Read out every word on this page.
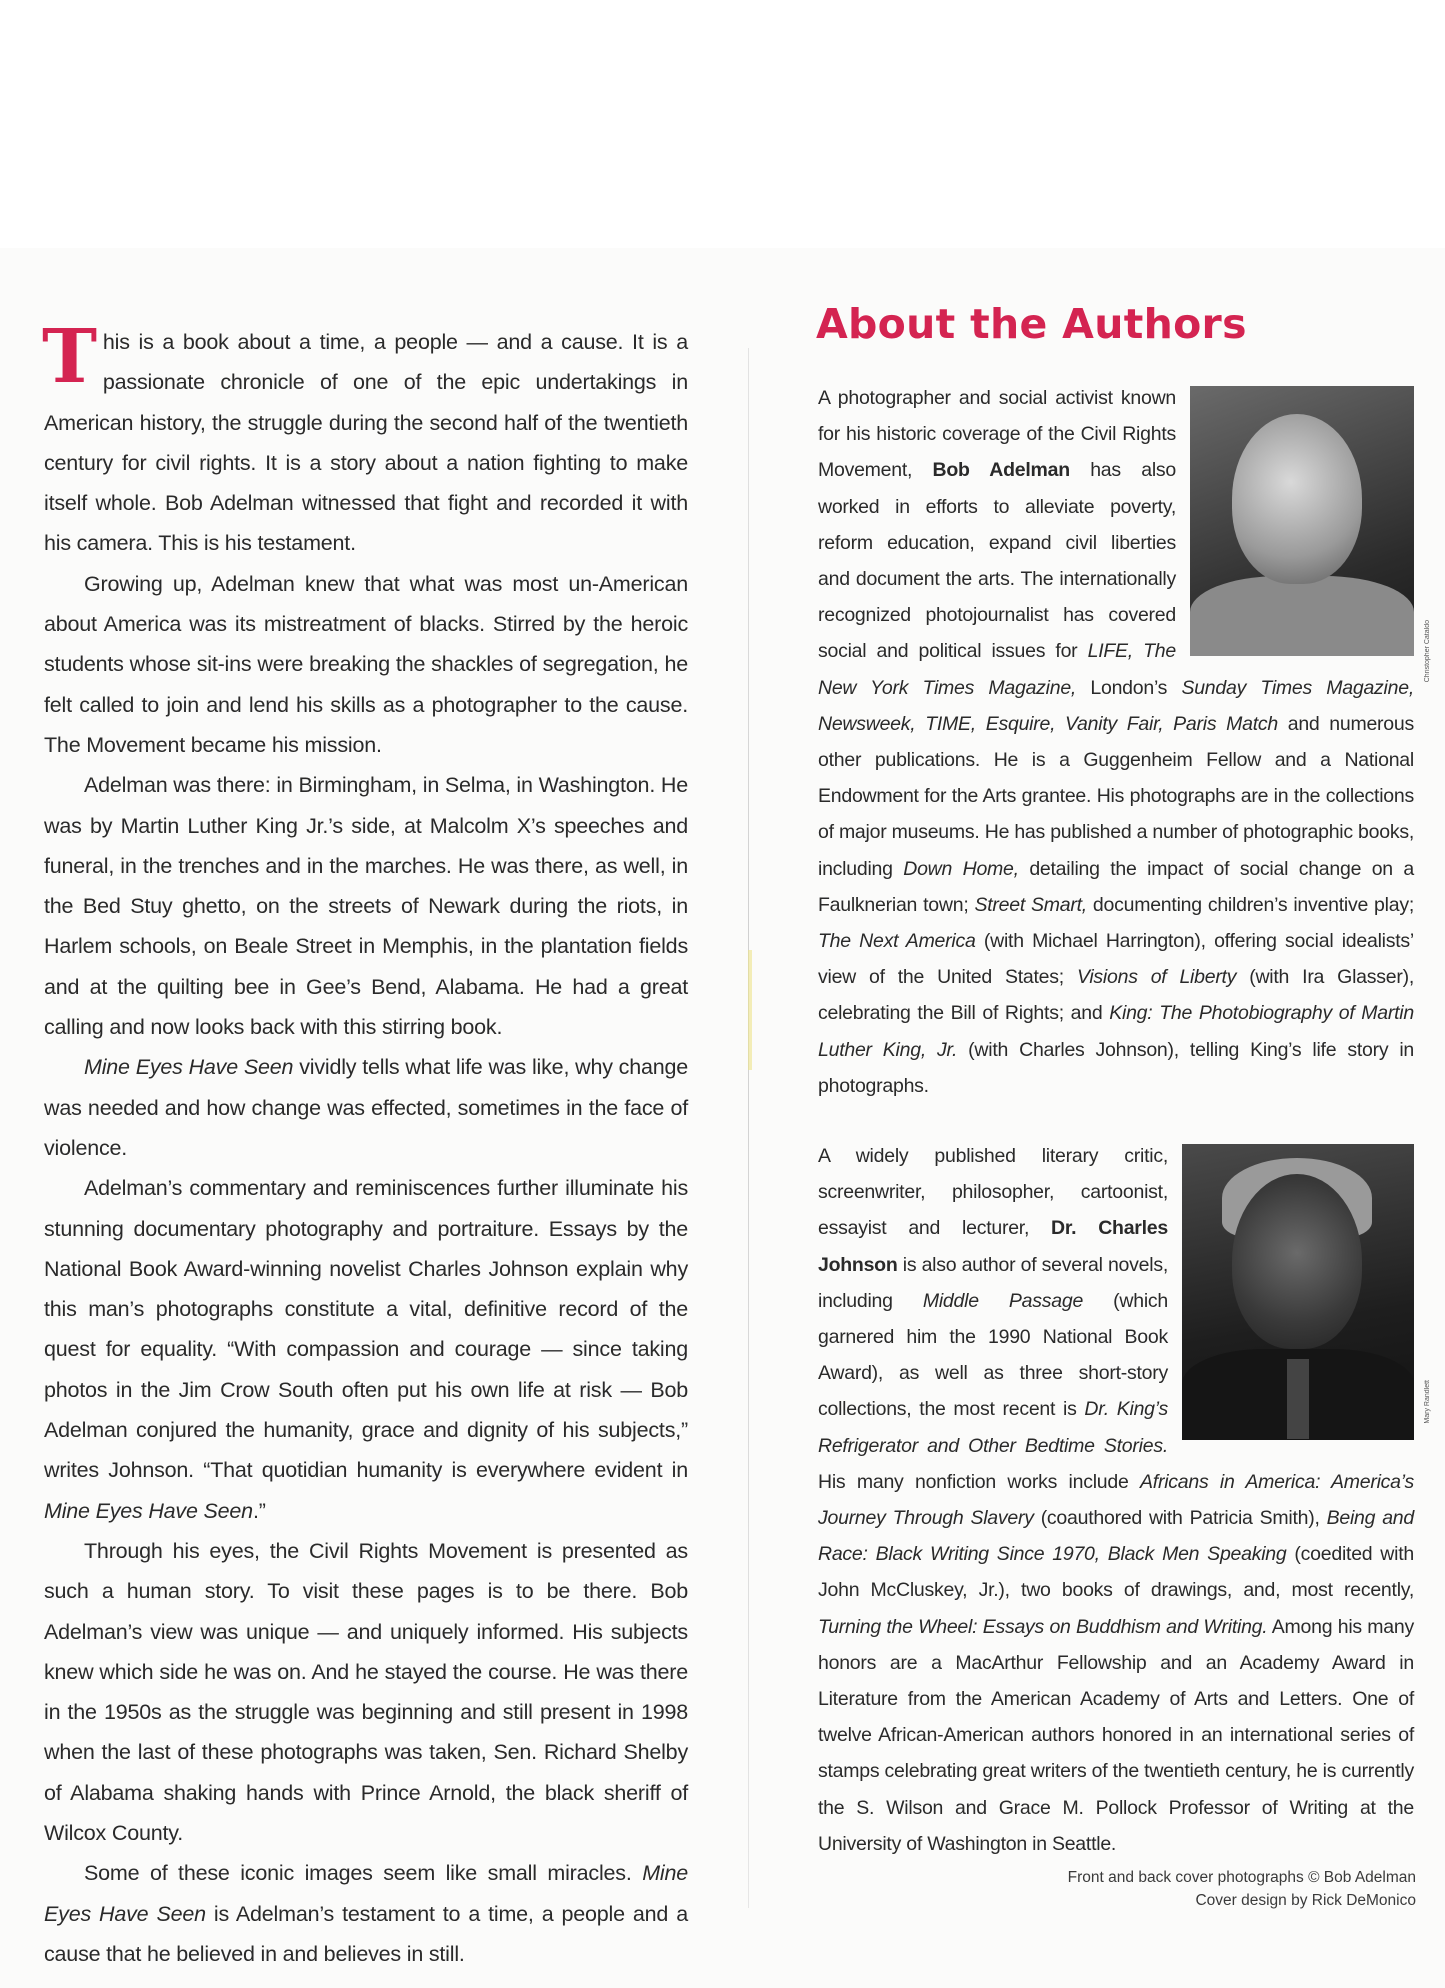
This is a book about a time, a people — and a cause. It is a passionate chronicle of one of the epic undertakings in American history, the struggle during the second half of the twentieth century for civil rights. It is a story about a nation fighting to make itself whole. Bob Adelman witnessed that fight and recorded it with his camera. This is his testament.

Growing up, Adelman knew that what was most un-American about America was its mistreatment of blacks. Stirred by the heroic students whose sit-ins were breaking the shackles of segregation, he felt called to join and lend his skills as a photographer to the cause. The Movement became his mission.

Adelman was there: in Birmingham, in Selma, in Washington. He was by Martin Luther King Jr.’s side, at Malcolm X’s speeches and funeral, in the trenches and in the marches. He was there, as well, in the Bed Stuy ghetto, on the streets of Newark during the riots, in Harlem schools, on Beale Street in Memphis, in the plantation fields and at the quilting bee in Gee’s Bend, Alabama. He had a great calling and now looks back with this stirring book.

Mine Eyes Have Seen vividly tells what life was like, why change was needed and how change was effected, sometimes in the face of violence.

Adelman’s commentary and reminiscences further illuminate his stunning documentary photography and portraiture. Essays by the National Book Award-winning novelist Charles Johnson explain why this man’s photographs constitute a vital, definitive record of the quest for equality. “With compassion and courage — since taking photos in the Jim Crow South often put his own life at risk — Bob Adelman conjured the humanity, grace and dignity of his subjects,” writes Johnson. “That quotidian humanity is everywhere evident in Mine Eyes Have Seen.”

Through his eyes, the Civil Rights Movement is presented as such a human story. To visit these pages is to be there. Bob Adelman’s view was unique — and uniquely informed. His subjects knew which side he was on. And he stayed the course. He was there in the 1950s as the struggle was beginning and still present in 1998 when the last of these photographs was taken, Sen. Richard Shelby of Alabama shaking hands with Prince Arnold, the black sheriff of Wilcox County.

Some of these iconic images seem like small miracles. Mine Eyes Have Seen is Adelman’s testament to a time, a people and a cause that he believed in and believes in still.

About the Authors

A photographer and social activist known for his historic coverage of the Civil Rights Movement, Bob Adelman has also worked in efforts to alleviate poverty, reform education, expand civil liberties and document the arts. The internationally recognized photojournalist has covered social and political issues for LIFE, The New York Times Magazine, London’s Sunday Times Magazine, Newsweek, TIME, Esquire, Vanity Fair, Paris Match and numerous other publications. He is a Guggenheim Fellow and a National Endowment for the Arts grantee. His photographs are in the collections of major museums. He has published a number of photographic books, including Down Home, detailing the impact of social change on a Faulknerian town; Street Smart, documenting children’s inventive play; The Next America (with Michael Harrington), offering social idealists’ view of the United States; Visions of Liberty (with Ira Glasser), celebrating the Bill of Rights; and King: The Photobiography of Martin Luther King, Jr. (with Charles Johnson), telling King’s life story in photographs.

Christopher Cataldo

A widely published literary critic, screenwriter, philosopher, cartoonist, essayist and lecturer, Dr. Charles Johnson is also author of several novels, including Middle Passage (which garnered him the 1990 National Book Award), as well as three short-story collections, the most recent is Dr. King’s Refrigerator and Other Bedtime Stories. His many nonfiction works include Africans in America: America’s Journey Through Slavery (coauthored with Patricia Smith), Being and Race: Black Writing Since 1970, Black Men Speaking (coedited with John McCluskey, Jr.), two books of drawings, and, most recently, Turning the Wheel: Essays on Buddhism and Writing. Among his many honors are a MacArthur Fellowship and an Academy Award in Literature from the American Academy of Arts and Letters. One of twelve African-American authors honored in an international series of stamps celebrating great writers of the twentieth century, he is currently the S. Wilson and Grace M. Pollock Professor of Writing at the University of Washington in Seattle.

Mary Randlett
Front and back cover photographs © Bob Adelman
Cover design by Rick DeMonico
